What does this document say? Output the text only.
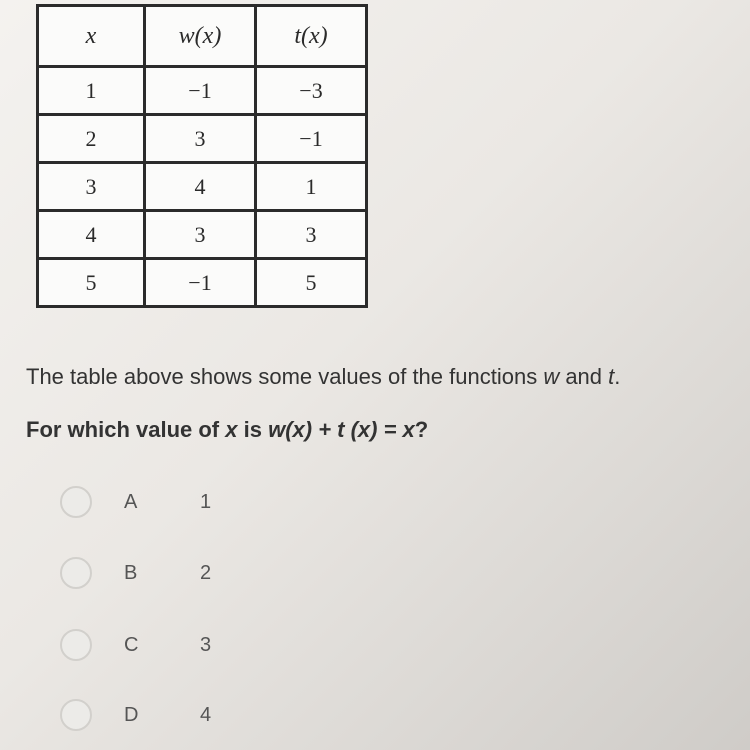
x	w(x)	t(x)
1	−1	−3
2	3	−1
3	4	1
4	3	3
5	−1	5

The table above shows some values of the functions w and t.

For which value of x is w(x) + t (x) = x?

A	1
B	2
C	3
D	4
